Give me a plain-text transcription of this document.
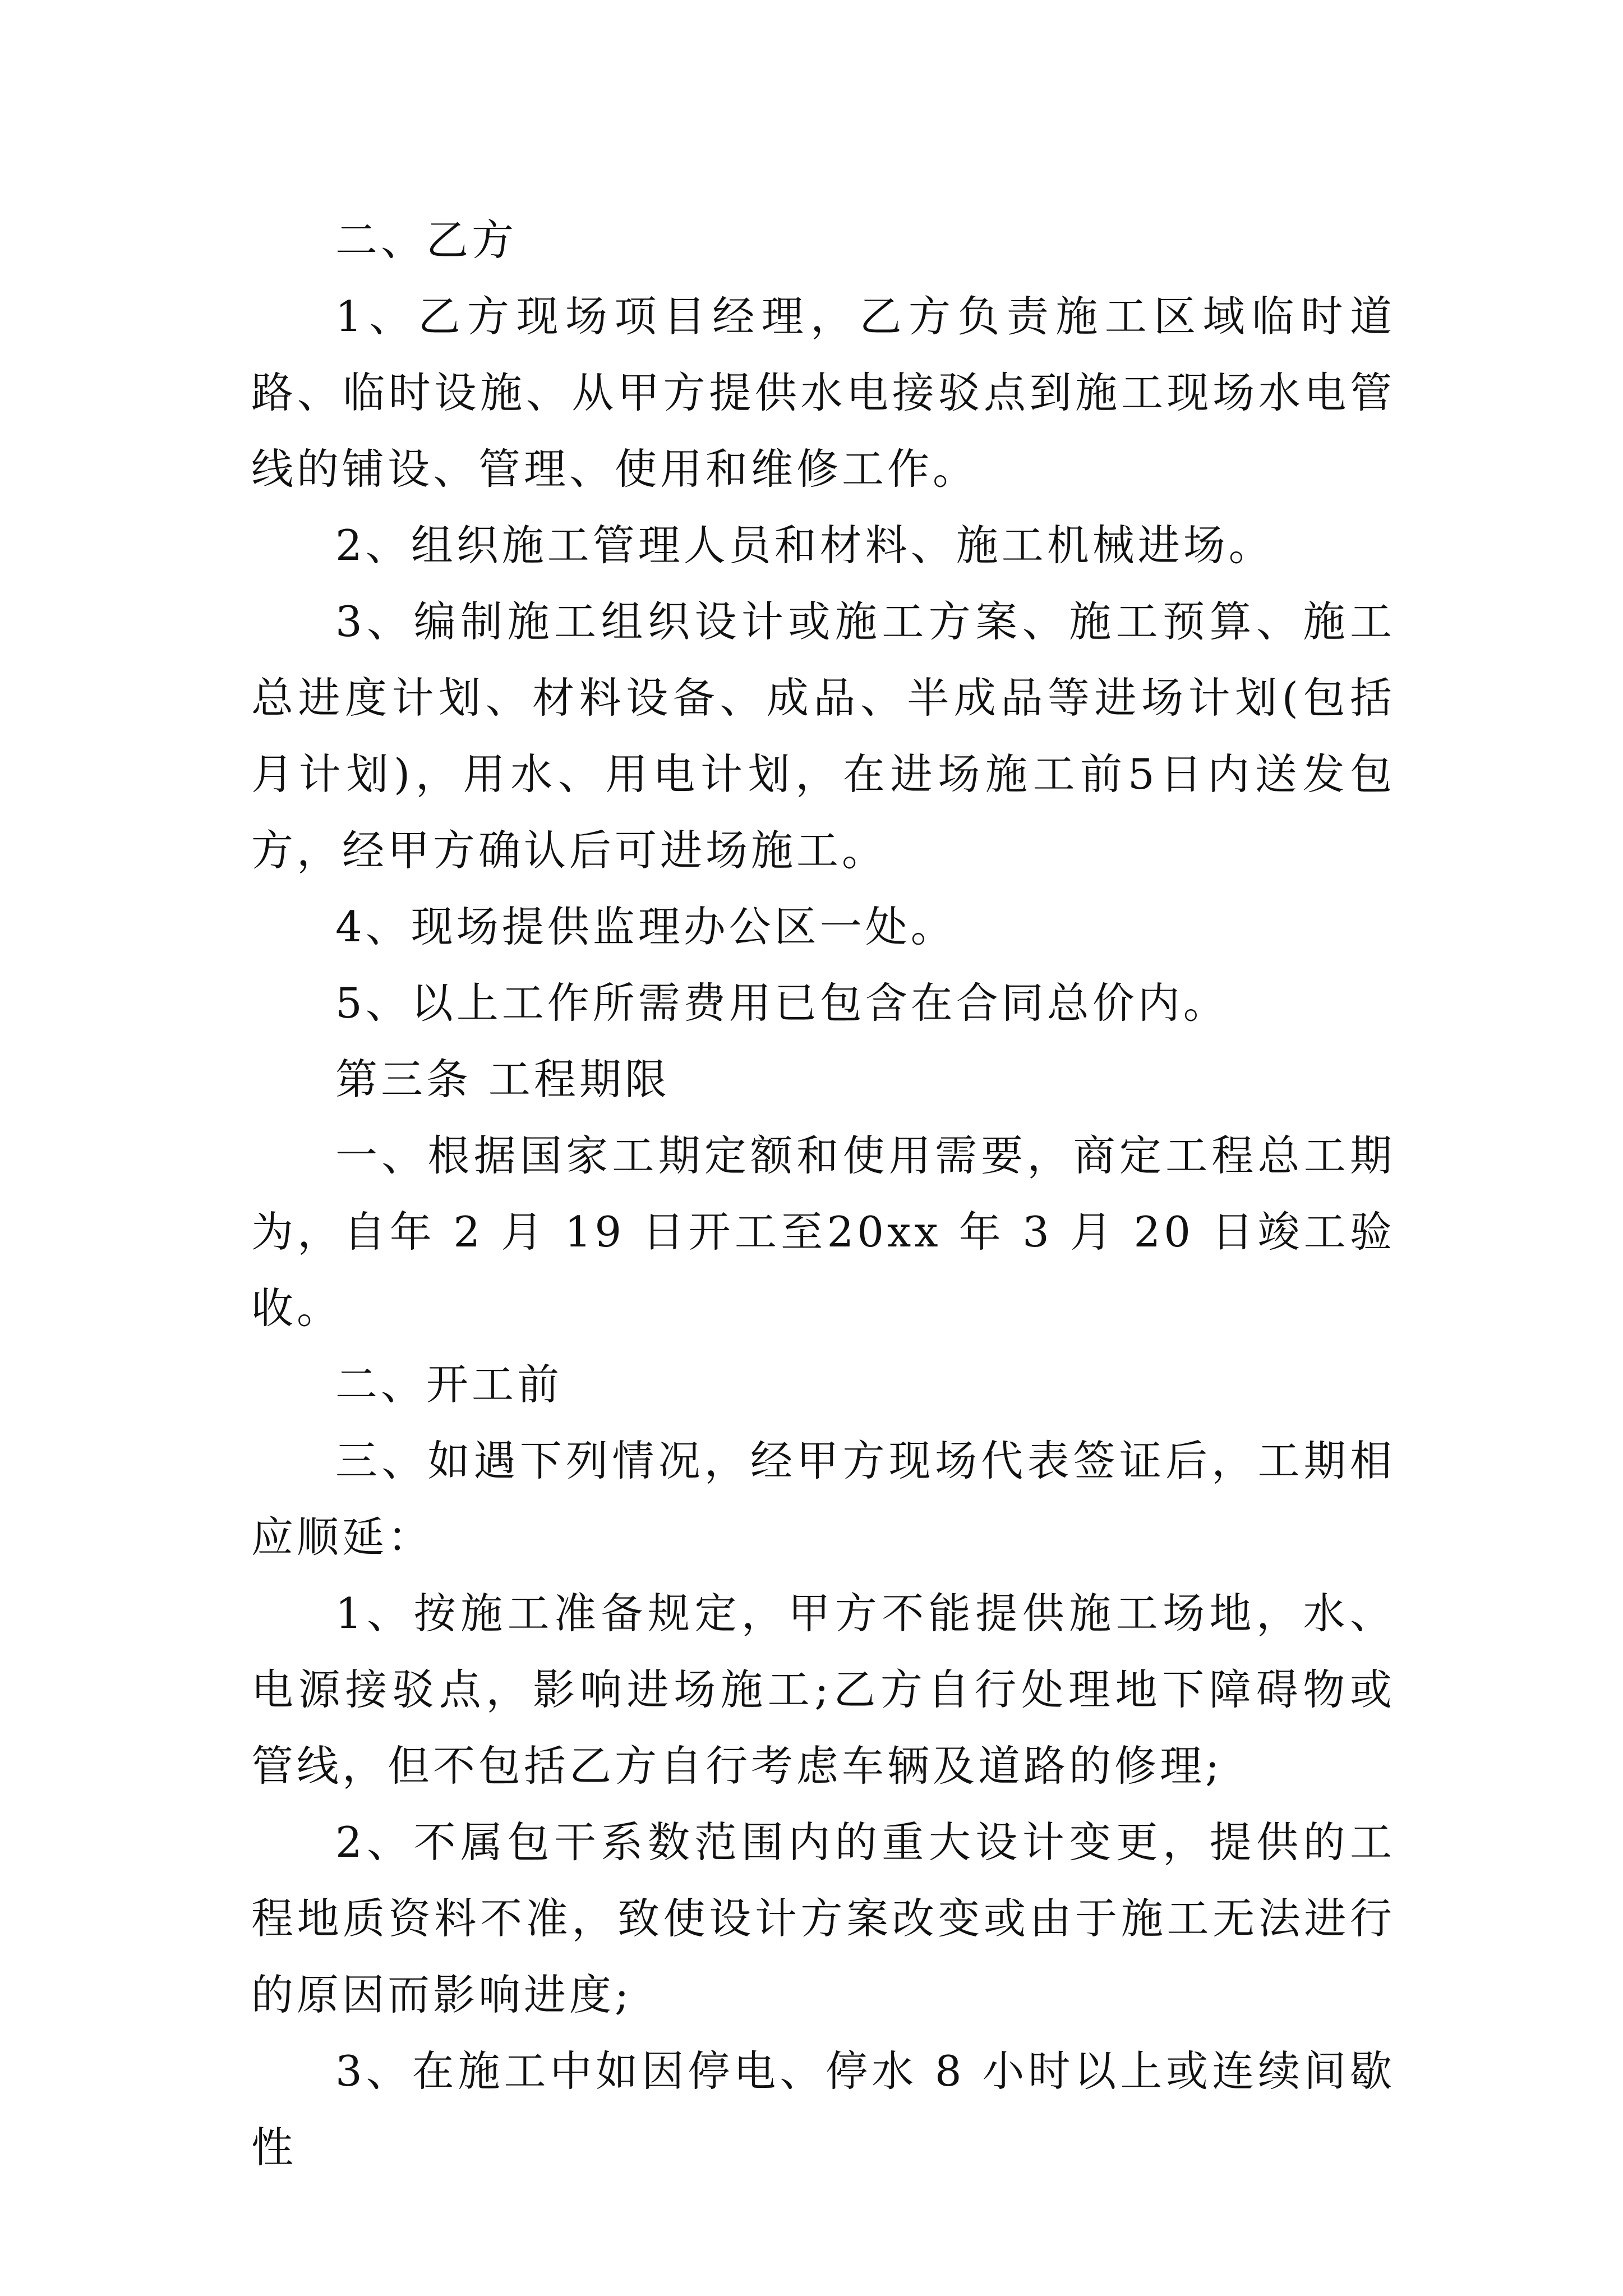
二、乙方

1、乙方现场项目经理，乙方负责施工区域临时道路、临时设施、从甲方提供水电接驳点到施工现场水电管线的铺设、管理、使用和维修工作。

2、组织施工管理人员和材料、施工机械进场。

3、编制施工组织设计或施工方案、施工预算、施工总进度计划、材料设备、成品、半成品等进场计划(包括月计划)，用水、用电计划，在进场施工前5日内送发包方，经甲方确认后可进场施工。

4、现场提供监理办公区一处。

5、以上工作所需费用已包含在合同总价内。

第三条 工程期限

一、根据国家工期定额和使用需要，商定工程总工期为，自年 2 月 19 日开工至20xx 年 3 月 20 日竣工验收。

二、开工前

三、如遇下列情况，经甲方现场代表签证后，工期相应顺延：

1、按施工准备规定，甲方不能提供施工场地，水、电源接驳点，影响进场施工;乙方自行处理地下障碍物或管线，但不包括乙方自行考虑车辆及道路的修理;

2、不属包干系数范围内的重大设计变更，提供的工程地质资料不准，致使设计方案改变或由于施工无法进行的原因而影响进度;

3、在施工中如因停电、停水 8 小时以上或连续间歇性
